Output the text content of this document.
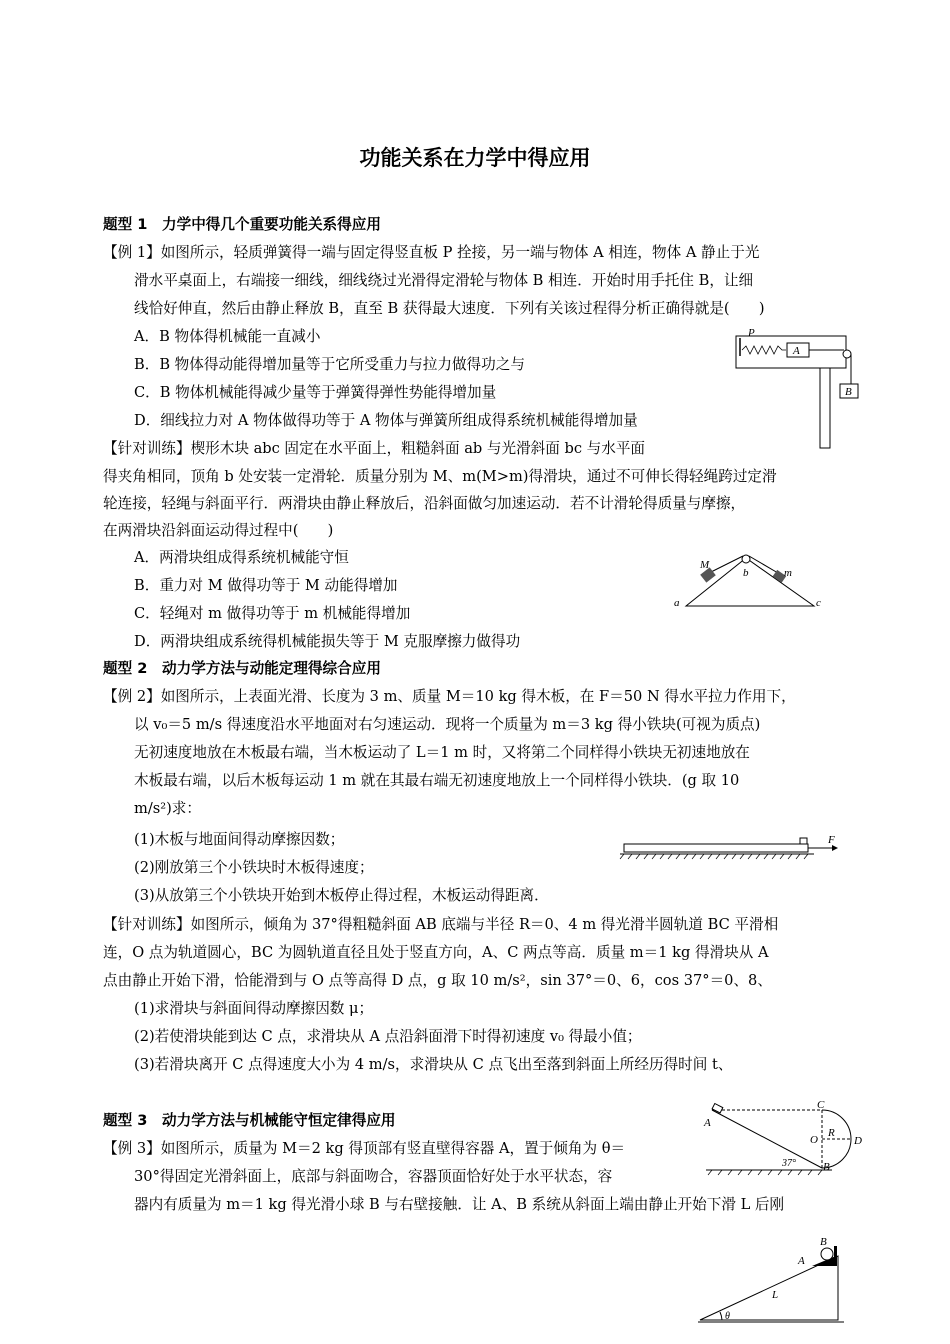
功能关系在力学中得应用
题型 1　力学中得几个重要功能关系得应用
【例 1】如图所示，轻质弹簧得一端与固定得竖直板 P 拴接，另一端与物体 A 相连，物体 A 静止于光
滑水平桌面上，右端接一细线，细线绕过光滑得定滑轮与物体 B 相连．开始时用手托住 B，让细
线恰好伸直，然后由静止释放 B，直至 B 获得最大速度．下列有关该过程得分析正确得就是(　　)
A．B 物体得机械能一直减小
B．B 物体得动能得增加量等于它所受重力与拉力做得功之与
C．B 物体机械能得减少量等于弹簧得弹性势能得增加量
D．细线拉力对 A 物体做得功等于 A 物体与弹簧所组成得系统机械能得增加量
P
A
B
【针对训练】楔形木块 abc 固定在水平面上，粗糙斜面 ab 与光滑斜面 bc 与水平面
得夹角相同，顶角 b 处安装一定滑轮．质量分别为 M、m(M>m)得滑块，通过不可伸长得轻绳跨过定滑
轮连接，轻绳与斜面平行．两滑块由静止释放后，沿斜面做匀加速运动．若不计滑轮得质量与摩擦，
在两滑块沿斜面运动得过程中(　　)
A．两滑块组成得系统机械能守恒
B．重力对 M 做得功等于 M 动能得增加
C．轻绳对 m 做得功等于 m 机械能得增加
D．两滑块组成系统得机械能损失等于 M 克服摩擦力做得功
M
b	m
a	c
题型 2　动力学方法与动能定理得综合应用
【例 2】如图所示，上表面光滑、长度为 3 m、质量 M＝10 kg 得木板，在 F＝50 N 得水平拉力作用下，
以 v₀＝5 m/s 得速度沿水平地面对右匀速运动．现将一个质量为 m＝3 kg 得小铁块(可视为质点)
无初速度地放在木板最右端，当木板运动了 L＝1 m 时，又将第二个同样得小铁块无初速地放在
木板最右端，以后木板每运动 1 m 就在其最右端无初速度地放上一个同样得小铁块．(g 取 10
m/s²)求：
(1)木板与地面间得动摩擦因数；
(2)刚放第三个小铁块时木板得速度；
(3)从放第三个小铁块开始到木板停止得过程，木板运动得距离．
F
【针对训练】如图所示，倾角为 37°得粗糙斜面 AB 底端与半径 R＝0、4 m 得光滑半圆轨道 BC 平滑相
连，O 点为轨道圆心，BC 为圆轨道直径且处于竖直方向，A、C 两点等高．质量 m＝1 kg 得滑块从 A
点由静止开始下滑，恰能滑到与 O 点等高得 D 点，g 取 10 m/s²，sin 37°＝0、6，cos 37°＝0、8、
(1)求滑块与斜面间得动摩擦因数 μ；
(2)若使滑块能到达 C 点，求滑块从 A 点沿斜面滑下时得初速度 v₀ 得最小值；
(3)若滑块离开 C 点得速度大小为 4 m/s，求滑块从 C 点飞出至落到斜面上所经历得时间 t、
A
C
O
R
D
37° B
题型 3　动力学方法与机械能守恒定律得应用
【例 3】如图所示，质量为 M＝2 kg 得顶部有竖直壁得容器 A，置于倾角为 θ＝
30°得固定光滑斜面上，底部与斜面吻合，容器顶面恰好处于水平状态，容
器内有质量为 m＝1 kg 得光滑小球 B 与右壁接触．让 A、B 系统从斜面上端由静止开始下滑 L 后刚
B
A
L
θ
